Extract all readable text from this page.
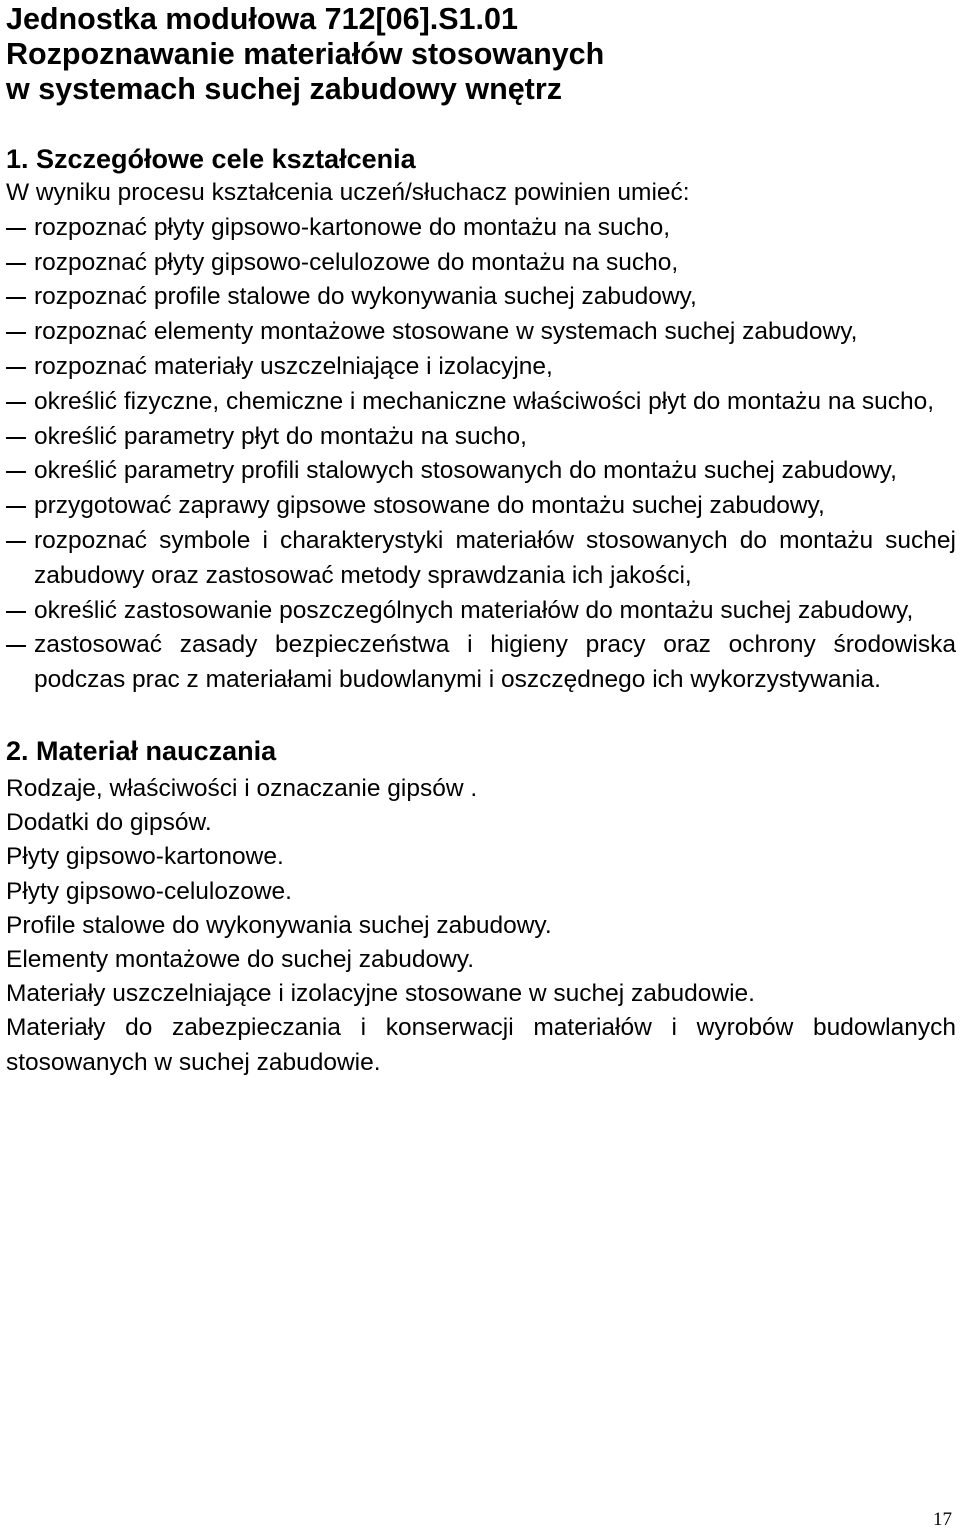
Jednostka modułowa 712[06].S1.01
Rozpoznawanie materiałów stosowanych
w systemach suchej zabudowy wnętrz
1. Szczegółowe cele kształcenia

W wyniku procesu kształcenia uczeń/słuchacz powinien umieć:

rozpoznać płyty gipsowo-kartonowe do montażu na sucho,
rozpoznać płyty gipsowo-celulozowe do montażu na sucho,
rozpoznać profile stalowe do wykonywania suchej zabudowy,
rozpoznać elementy montażowe stosowane w systemach suchej zabudowy,
rozpoznać materiały uszczelniające i izolacyjne,
określić fizyczne, chemiczne i mechaniczne właściwości płyt do montażu na sucho,
określić parametry płyt do montażu na sucho,
określić parametry profili stalowych stosowanych do montażu suchej zabudowy,
przygotować zaprawy gipsowe stosowane do montażu suchej zabudowy,
rozpoznać symbole i charakterystyki materiałów stosowanych do montażu suchej zabudowy oraz zastosować metody sprawdzania ich jakości,
określić zastosowanie poszczególnych materiałów do montażu suchej zabudowy,
zastosować zasady bezpieczeństwa i higieny pracy oraz ochrony środowiska podczas prac z materiałami budowlanymi i oszczędnego ich wykorzystywania.
2. Materiał nauczania

Rodzaje, właściwości i oznaczanie gipsów .

Dodatki do gipsów.

Płyty gipsowo-kartonowe.

Płyty gipsowo-celulozowe.

Profile stalowe do wykonywania suchej zabudowy.

Elementy montażowe do suchej zabudowy.

Materiały uszczelniające i izolacyjne stosowane w suchej zabudowie.

Materiały do zabezpieczania i konserwacji materiałów i wyrobów budowlanych stosowanych w suchej zabudowie.

17
